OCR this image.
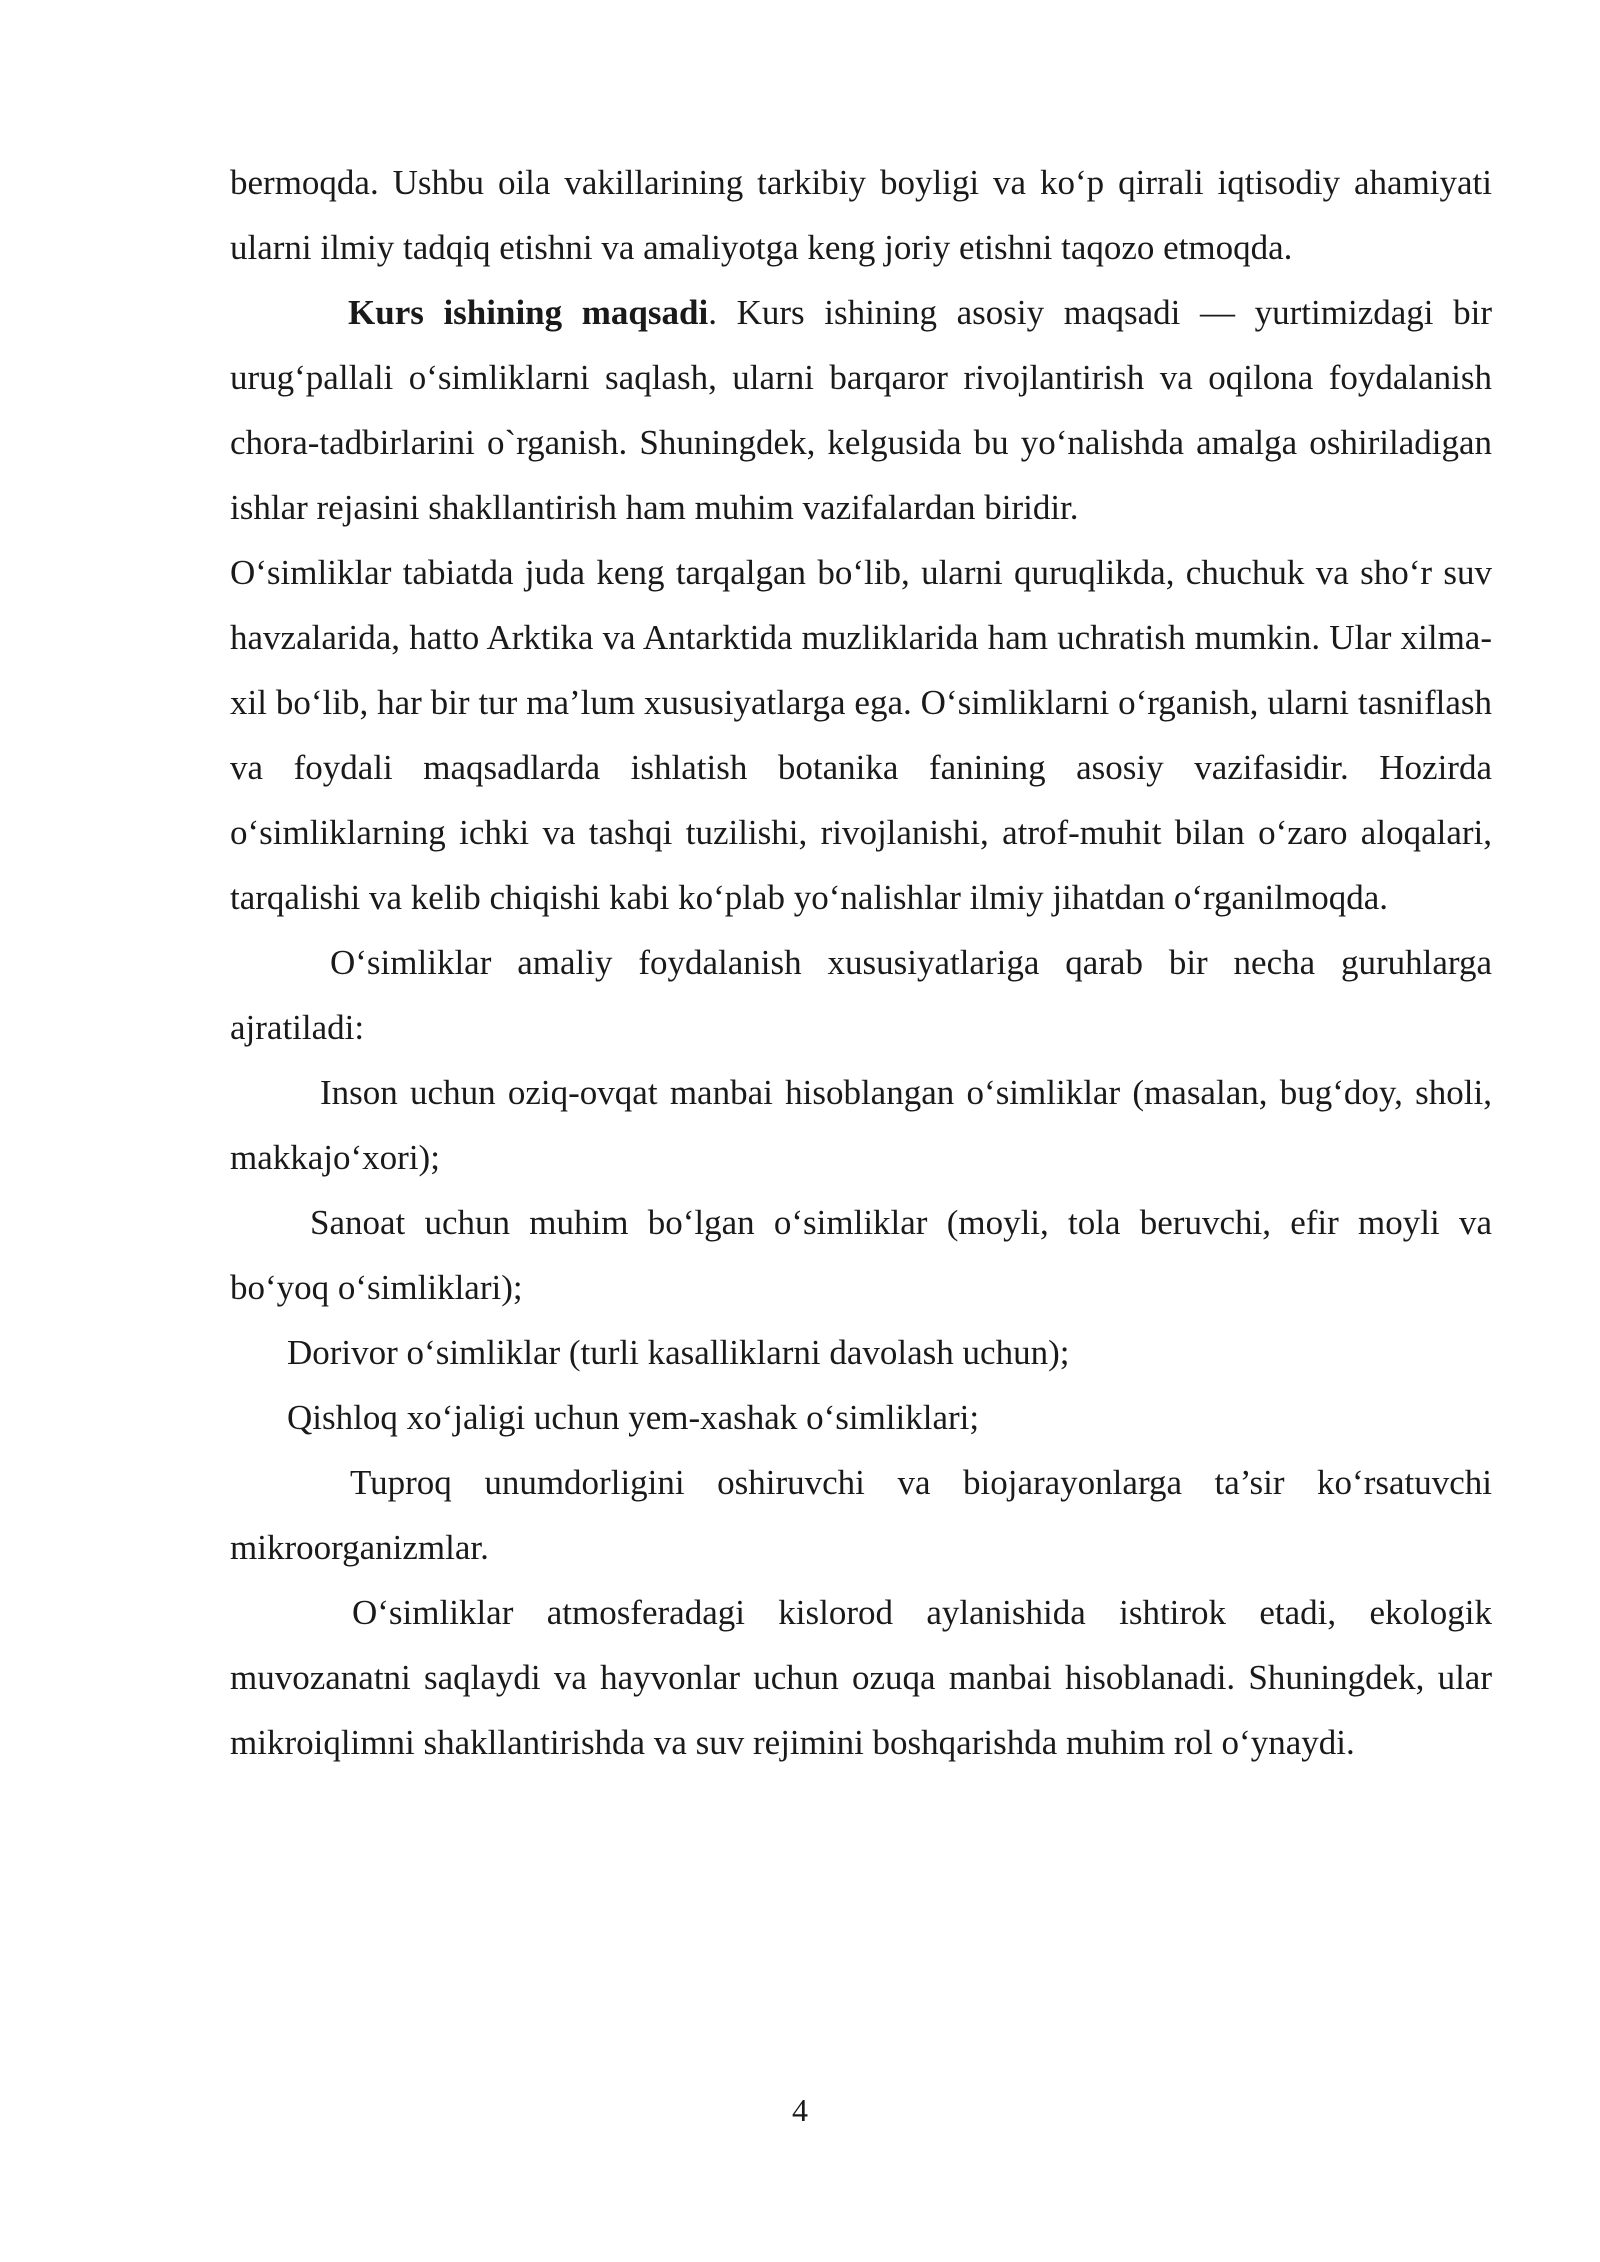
bermoqda. Ushbu oila vakillarining tarkibiy boyligi va ko‘p qirrali iqtisodiy ahamiyati ularni ilmiy tadqiq etishni va amaliyotga keng joriy etishni taqozo etmoqda.

Kurs ishining maqsadi. Kurs ishining asosiy maqsadi — yurtimizdagi bir urug‘pallali o‘simliklarni saqlash, ularni barqaror rivojlantirish va oqilona foydalanish chora-tadbirlarini o`rganish. Shuningdek, kelgusida bu yo‘nalishda amalga oshiriladigan ishlar rejasini shakllantirish ham muhim vazifalardan biridir.

O‘simliklar tabiatda juda keng tarqalgan bo‘lib, ularni quruqlikda, chuchuk va sho‘r suv havzalarida, hatto Arktika va Antarktida muzliklarida ham uchratish mumkin. Ular xilma-xil bo‘lib, har bir tur ma’lum xususiyatlarga ega. O‘simliklarni o‘rganish, ularni tasniflash va foydali maqsadlarda ishlatish botanika fanining asosiy vazifasidir. Hozirda o‘simliklarning ichki va tashqi tuzilishi, rivojlanishi, atrof-muhit bilan o‘zaro aloqalari, tarqalishi va kelib chiqishi kabi ko‘plab yo‘nalishlar ilmiy jihatdan o‘rganilmoqda.

O‘simliklar amaliy foydalanish xususiyatlariga qarab bir necha guruhlarga ajratiladi:

Inson uchun oziq-ovqat manbai hisoblangan o‘simliklar (masalan, bug‘doy, sholi, makkajo‘xori);

Sanoat uchun muhim bo‘lgan o‘simliklar (moyli, tola beruvchi, efir moyli va bo‘yoq o‘simliklari);

Dorivor o‘simliklar (turli kasalliklarni davolash uchun);

Qishloq xo‘jaligi uchun yem-xashak o‘simliklari;

Tuproq unumdorligini oshiruvchi va biojarayonlarga ta’sir ko‘rsatuvchi mikroorganizmlar.

O‘simliklar atmosferadagi kislorod aylanishida ishtirok etadi, ekologik muvozanatni saqlaydi va hayvonlar uchun ozuqa manbai hisoblanadi. Shuningdek, ular mikroiqlimni shakllantirishda va suv rejimini boshqarishda muhim rol o‘ynaydi.

4
